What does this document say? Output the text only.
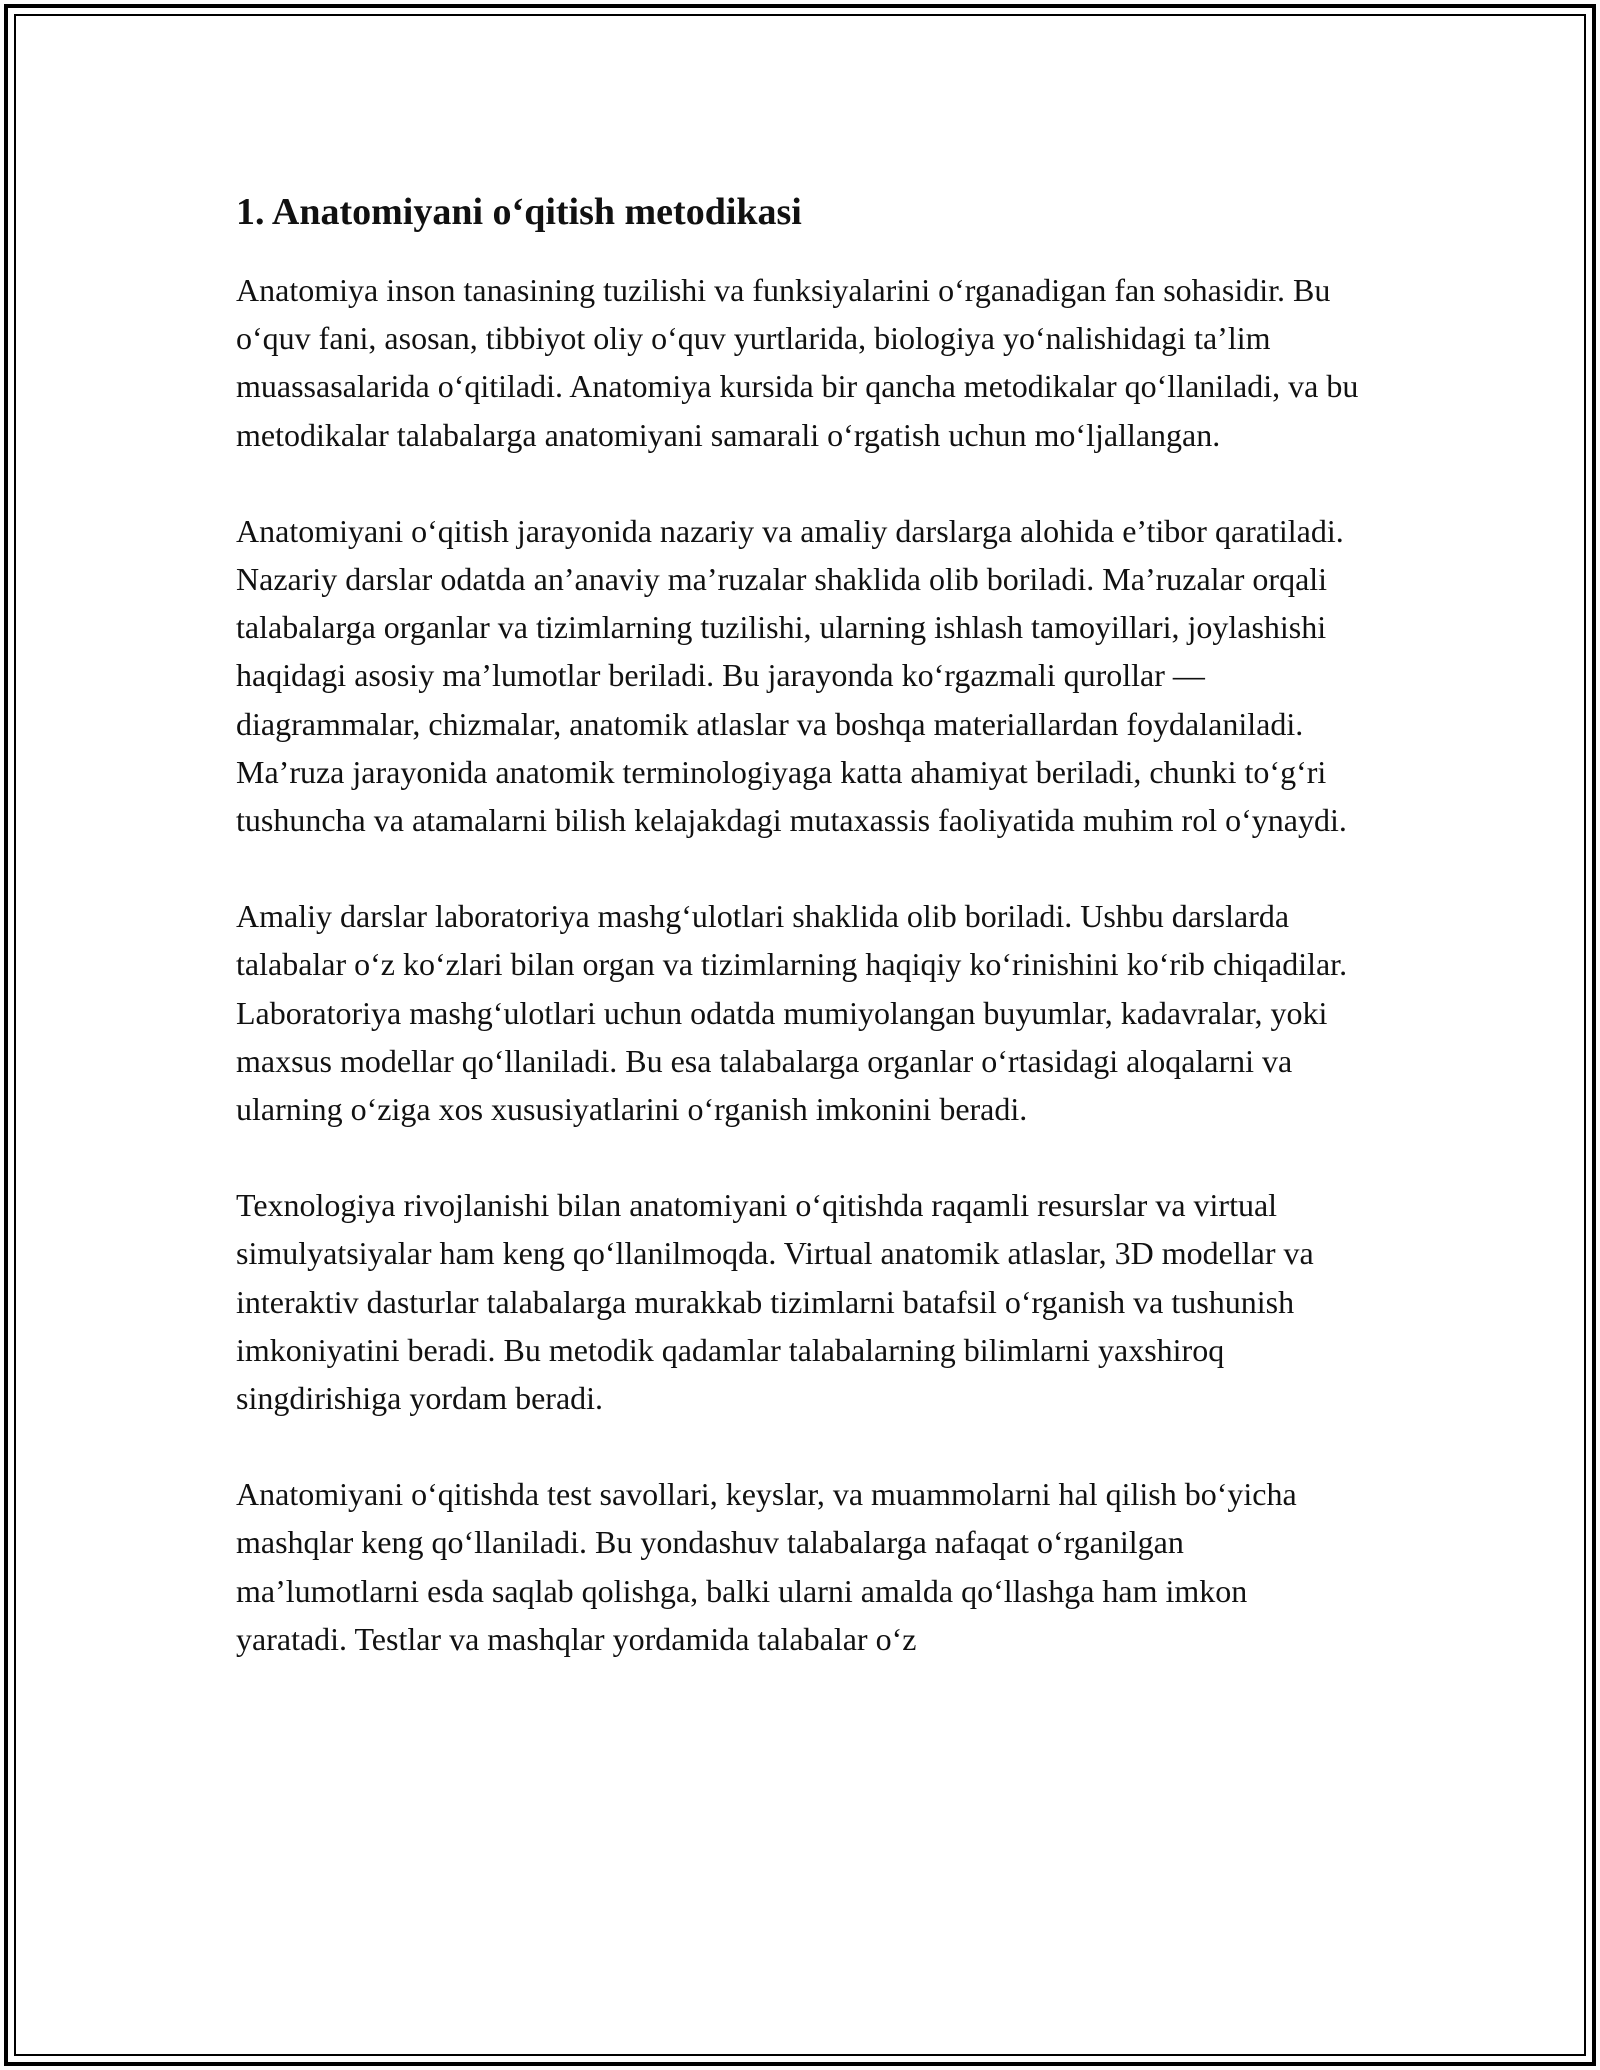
1. Anatomiyani o‘qitish metodikasi

Anatomiya inson tanasining tuzilishi va funksiyalarini o‘rganadigan fan sohasidir. Bu o‘quv fani, asosan, tibbiyot oliy o‘quv yurtlarida, biologiya yo‘nalishidagi ta’lim muassasalarida o‘qitiladi. Anatomiya kursida bir qancha metodikalar qo‘llaniladi, va bu metodikalar talabalarga anatomiyani samarali o‘rgatish uchun mo‘ljallangan.

Anatomiyani o‘qitish jarayonida nazariy va amaliy darslarga alohida e’tibor qaratiladi. Nazariy darslar odatda an’anaviy ma’ruzalar shaklida olib boriladi. Ma’ruzalar orqali talabalarga organlar va tizimlarning tuzilishi, ularning ishlash tamoyillari, joylashishi haqidagi asosiy ma’lumotlar beriladi. Bu jarayonda ko‘rgazmali qurollar — diagrammalar, chizmalar, anatomik atlaslar va boshqa materiallardan foydalaniladi. Ma’ruza jarayonida anatomik terminologiyaga katta ahamiyat beriladi, chunki to‘g‘ri tushuncha va atamalarni bilish kelajakdagi mutaxassis faoliyatida muhim rol o‘ynaydi.

Amaliy darslar laboratoriya mashg‘ulotlari shaklida olib boriladi. Ushbu darslarda talabalar o‘z ko‘zlari bilan organ va tizimlarning haqiqiy ko‘rinishini ko‘rib chiqadilar. Laboratoriya mashg‘ulotlari uchun odatda mumiyolangan buyumlar, kadavralar, yoki maxsus modellar qo‘llaniladi. Bu esa talabalarga organlar o‘rtasidagi aloqalarni va ularning o‘ziga xos xususiyatlarini o‘rganish imkonini beradi.

Texnologiya rivojlanishi bilan anatomiyani o‘qitishda raqamli resurslar va virtual simulyatsiyalar ham keng qo‘llanilmoqda. Virtual anatomik atlaslar, 3D modellar va interaktiv dasturlar talabalarga murakkab tizimlarni batafsil o‘rganish va tushunish imkoniyatini beradi. Bu metodik qadamlar talabalarning bilimlarni yaxshiroq singdirishiga yordam beradi.

Anatomiyani o‘qitishda test savollari, keyslar, va muammolarni hal qilish bo‘yicha mashqlar keng qo‘llaniladi. Bu yondashuv talabalarga nafaqat o‘rganilgan ma’lumotlarni esda saqlab qolishga, balki ularni amalda qo‘llashga ham imkon yaratadi. Testlar va mashqlar yordamida talabalar o‘z
